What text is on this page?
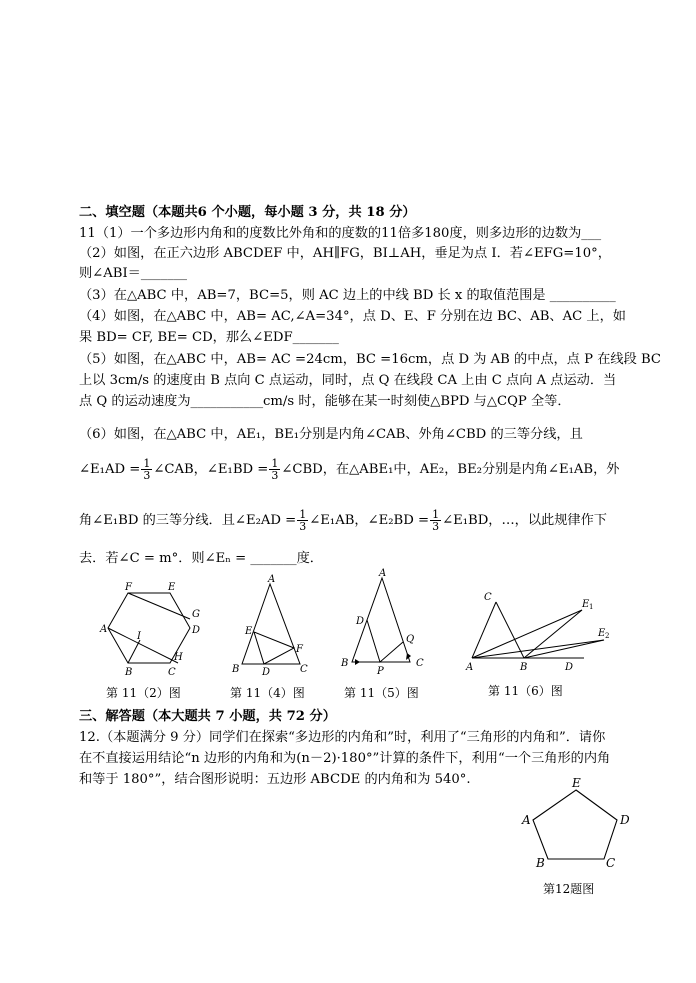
二、填空题（本题共6 个小题，每小题 3 分，共 18 分）
11（1）一个多边形内角和的度数比外角和的度数的11倍多180度，则多边形的边数为___
（2）如图，在正六边形 ABCDEF 中，AH∥FG，BI⊥AH，垂足为点 I．若∠EFG=10°，
则∠ABI＝_______
（3）在△ABC 中，AB=7，BC=5，则 AC 边上的中线 BD 长 x 的取值范围是 __________
（4）如图，在△ABC 中，AB= AC,∠A=34°，点 D、E、F 分别在边 BC、AB、AC 上，如
果 BD= CF, BE= CD，那么∠EDF_______
（5）如图，在△ABC 中，AB= AC =24cm，BC =16cm，点 D 为 AB 的中点，点 P 在线段 BC
上以 3cm/s 的速度由 B 点向 C 点运动，同时，点 Q 在线段 CA 上由 C 点向 A 点运动．当
点 Q 的运动速度为___________cm/s 时，能够在某一时刻使△BPD 与△CQP 全等．
（6）如图，在△ABC 中，AE₁，BE₁分别是内角∠CAB、外角∠CBD 的三等分线，且
∠E₁AD = $\frac{1}{3}$ ∠CAB，∠E₁BD = $\frac{1}{3}$ ∠CBD，在△ABE₁中，AE₂，BE₂分别是内角∠E₁AB，外
角∠E₁BD 的三等分线．且∠E₂AD = $\frac{1}{3}$ ∠E₁AB，∠E₂BD = $\frac{1}{3}$ ∠E₁BD，…，以此规律作下
去．若∠C = m°．则∠Eₙ = _______度．
F	E
G
D
A
I
H
B	C
A
E
F
B D	C
A
D
Q
B
P
C
C
E 1
E 2
A	B	D
第 11（2）图	第 11（4）图	第 11（5）图	第 11（6）图
三、解答题（本大题共 7 小题，共 72 分）
12.（本题满分 9 分）同学们在探索“多边形的内角和”时，利用了“三角形的内角和”．请你
在不直接运用结论“n 边形的内角和为(n－2)·180°”计算的条件下，利用“一个三角形的内角
和等于 180°”，结合图形说明：五边形 ABCDE 的内角和为 540°.	E
D
A
B	C
第12题图
